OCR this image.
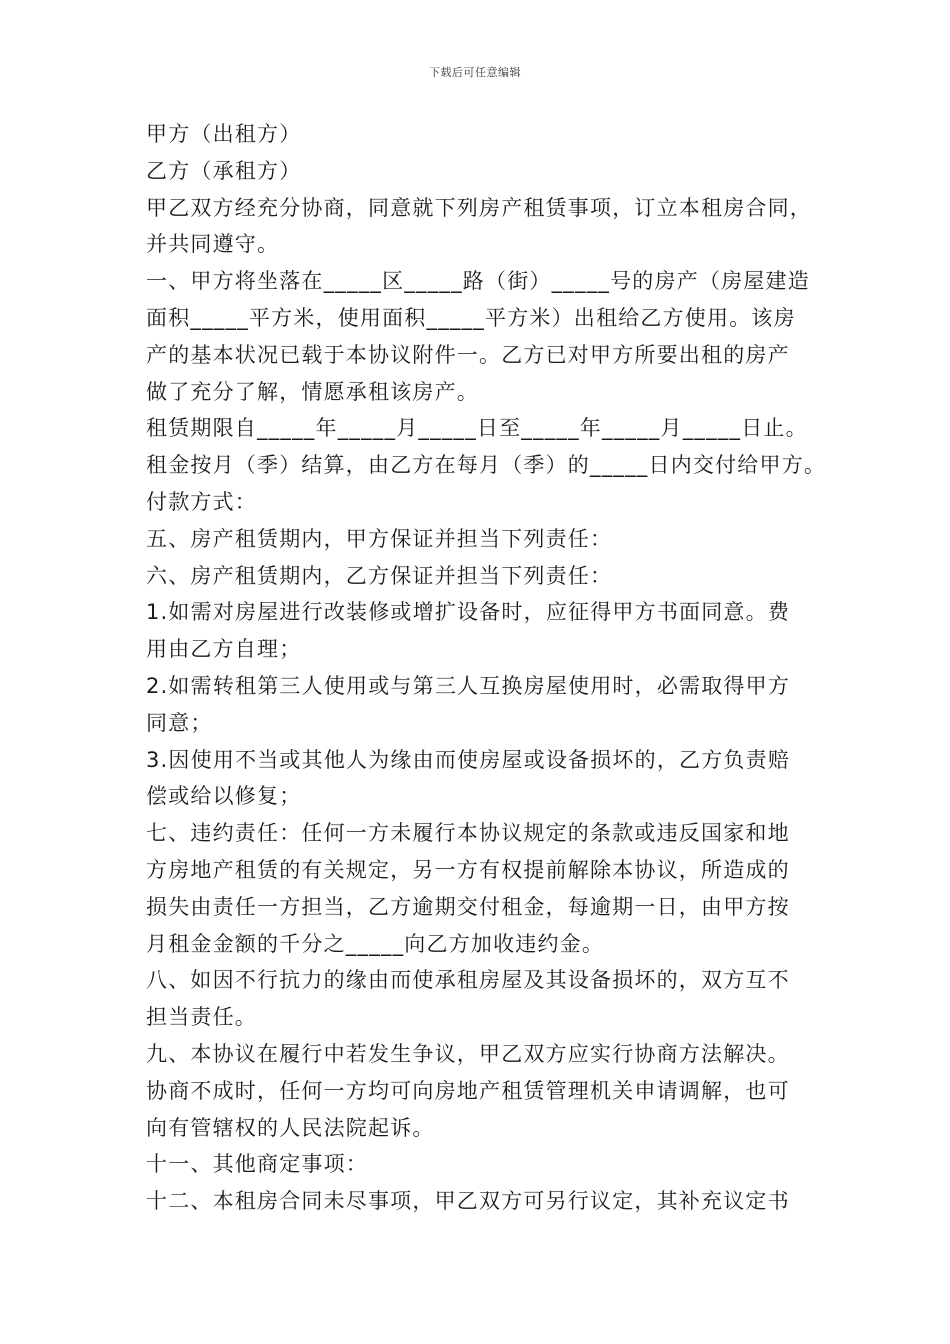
下载后可任意编辑
甲方（出租方）
乙方（承租方）
甲乙双方经充分协商，同意就下列房产租赁事项，订立本租房合同，
并共同遵守。
一、甲方将坐落在_____区_____路（街）_____号的房产（房屋建造
面积_____平方米，使用面积_____平方米）出租给乙方使用。该房
产的基本状况已载于本协议附件一。乙方已对甲方所要出租的房产
做了充分了解，情愿承租该房产。
租赁期限自_____年_____月_____日至_____年_____月_____日止。
租金按月（季）结算，由乙方在每月（季）的_____日内交付给甲方。
付款方式：
五、房产租赁期内，甲方保证并担当下列责任：
六、房产租赁期内，乙方保证并担当下列责任：
1.如需对房屋进行改装修或增扩设备时，应征得甲方书面同意。费
用由乙方自理；
2.如需转租第三人使用或与第三人互换房屋使用时，必需取得甲方
同意；
3.因使用不当或其他人为缘由而使房屋或设备损坏的，乙方负责赔
偿或给以修复；
七、违约责任：任何一方未履行本协议规定的条款或违反国家和地
方房地产租赁的有关规定，另一方有权提前解除本协议，所造成的
损失由责任一方担当，乙方逾期交付租金，每逾期一日，由甲方按
月租金金额的千分之_____向乙方加收违约金。
八、如因不行抗力的缘由而使承租房屋及其设备损坏的，双方互不
担当责任。
九、本协议在履行中若发生争议，甲乙双方应实行协商方法解决。
协商不成时，任何一方均可向房地产租赁管理机关申请调解，也可
向有管辖权的人民法院起诉。
十一、其他商定事项：
十二、本租房合同未尽事项，甲乙双方可另行议定，其补充议定书
